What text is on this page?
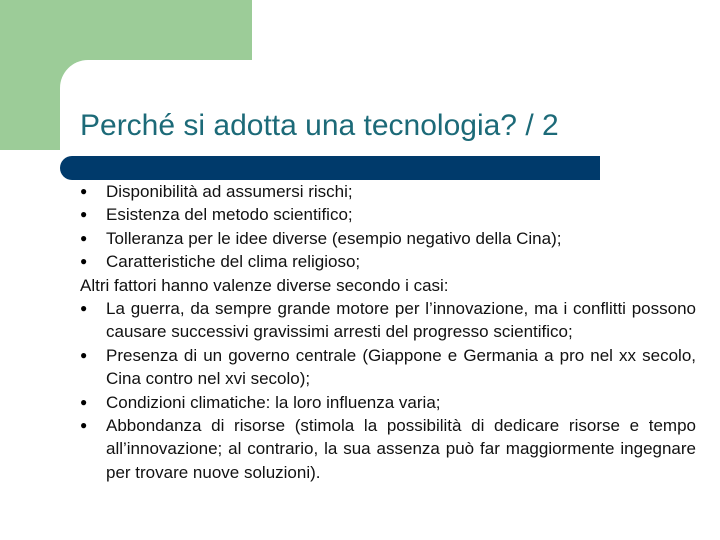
Perché si adotta una tecnologia? / 2
● Disponibilità ad assumersi rischi;
● Esistenza del metodo scientifico;
● Tolleranza per le idee diverse (esempio negativo della Cina);
● Caratteristiche del clima religioso;
Altri fattori hanno valenze diverse secondo i casi:
● La guerra, da sempre grande motore per l’innovazione, ma i conflitti possono causare successivi gravissimi arresti del progresso scientifico;
● Presenza di un governo centrale (Giappone e Germania a pro nel xx secolo, Cina contro nel xvi secolo);
● Condizioni climatiche: la loro influenza varia;
● Abbondanza di risorse (stimola la possibilità di dedicare risorse e tempo all’innovazione; al contrario, la sua assenza può far maggiormente ingegnare per trovare nuove soluzioni).
